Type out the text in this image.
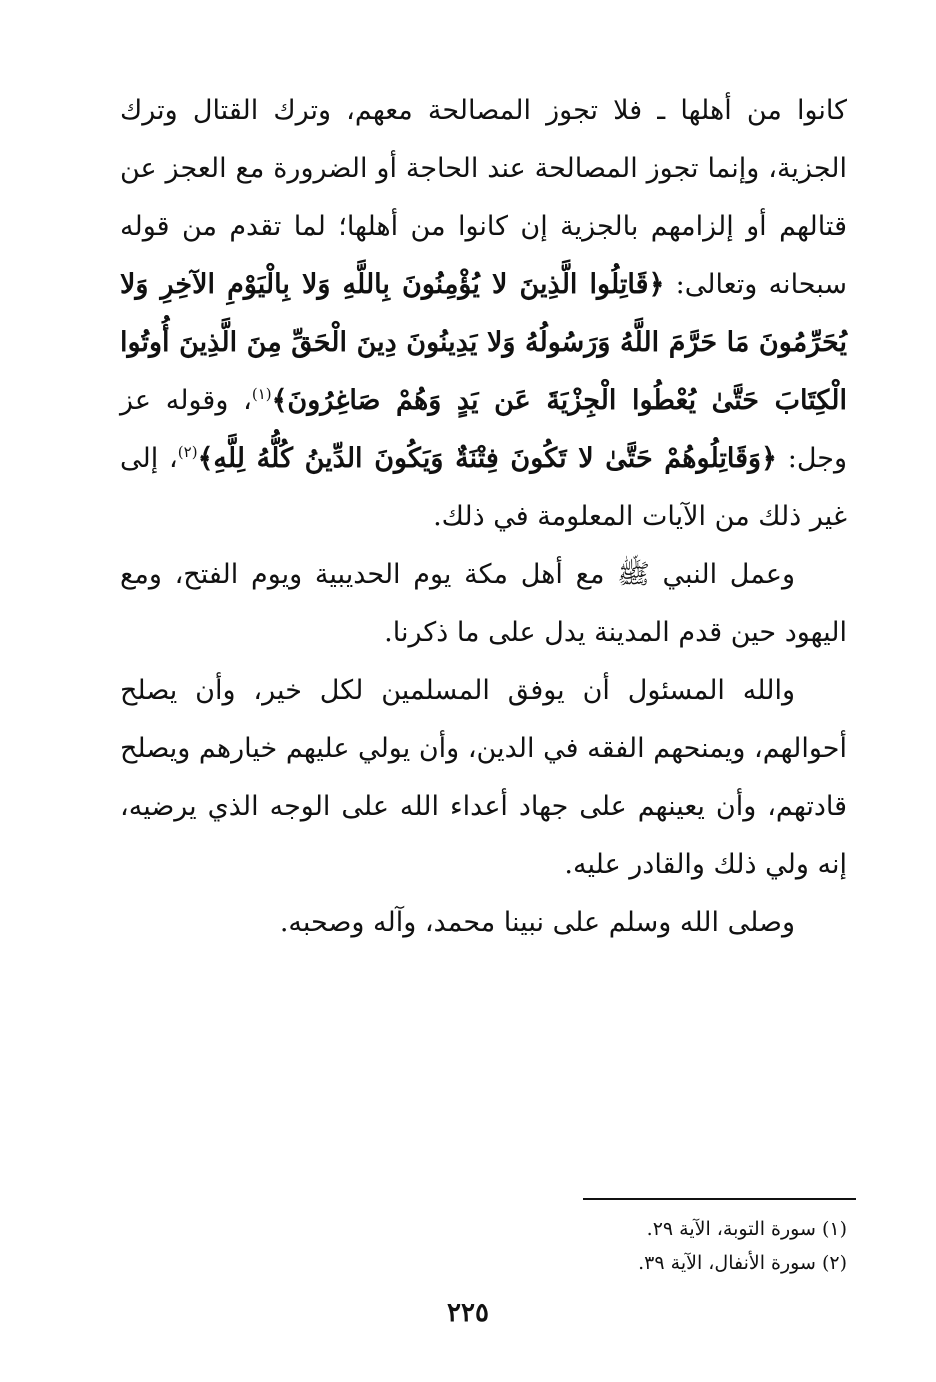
كانوا من أهلها ـ فلا تجوز المصالحة معهم، وترك القتال وترك الجزية، وإنما تجوز المصالحة عند الحاجة أو الضرورة مع العجز عن قتالهم أو إلزامهم بالجزية إن كانوا من أهلها؛ لما تقدم من قوله سبحانه وتعالى: ﴿قَاتِلُوا الَّذِينَ لا يُؤْمِنُونَ بِاللَّهِ وَلا بِالْيَوْمِ الآخِرِ وَلا يُحَرِّمُونَ مَا حَرَّمَ اللَّهُ وَرَسُولُهُ وَلا يَدِينُونَ دِينَ الْحَقِّ مِنَ الَّذِينَ أُوتُوا الْكِتَابَ حَتَّىٰ يُعْطُوا الْجِزْيَةَ عَن يَدٍ وَهُمْ صَاغِرُونَ﴾$^{(١)}$، وقوله عز وجل: ﴿وَقَاتِلُوهُمْ حَتَّىٰ لا تَكُونَ فِتْنَةٌ وَيَكُونَ الدِّينُ كُلُّهُ لِلَّهِ﴾$^{(٢)}$، إلى غير ذلك من الآيات المعلومة في ذلك.

وعمل النبي ﷺ مع أهل مكة يوم الحديبية ويوم الفتح، ومع اليهود حين قدم المدينة يدل على ما ذكرنا.

والله المسئول أن يوفق المسلمين لكل خير، وأن يصلح أحوالهم، ويمنحهم الفقه في الدين، وأن يولي عليهم خيارهم ويصلح قادتهم، وأن يعينهم على جهاد أعداء الله على الوجه الذي يرضيه، إنه ولي ذلك والقادر عليه.

وصلى الله وسلم على نبينا محمد، وآله وصحبه.

(١) سورة التوبة، الآية ٢٩.

(٢) سورة الأنفال، الآية ٣٩.

٢٢٥
